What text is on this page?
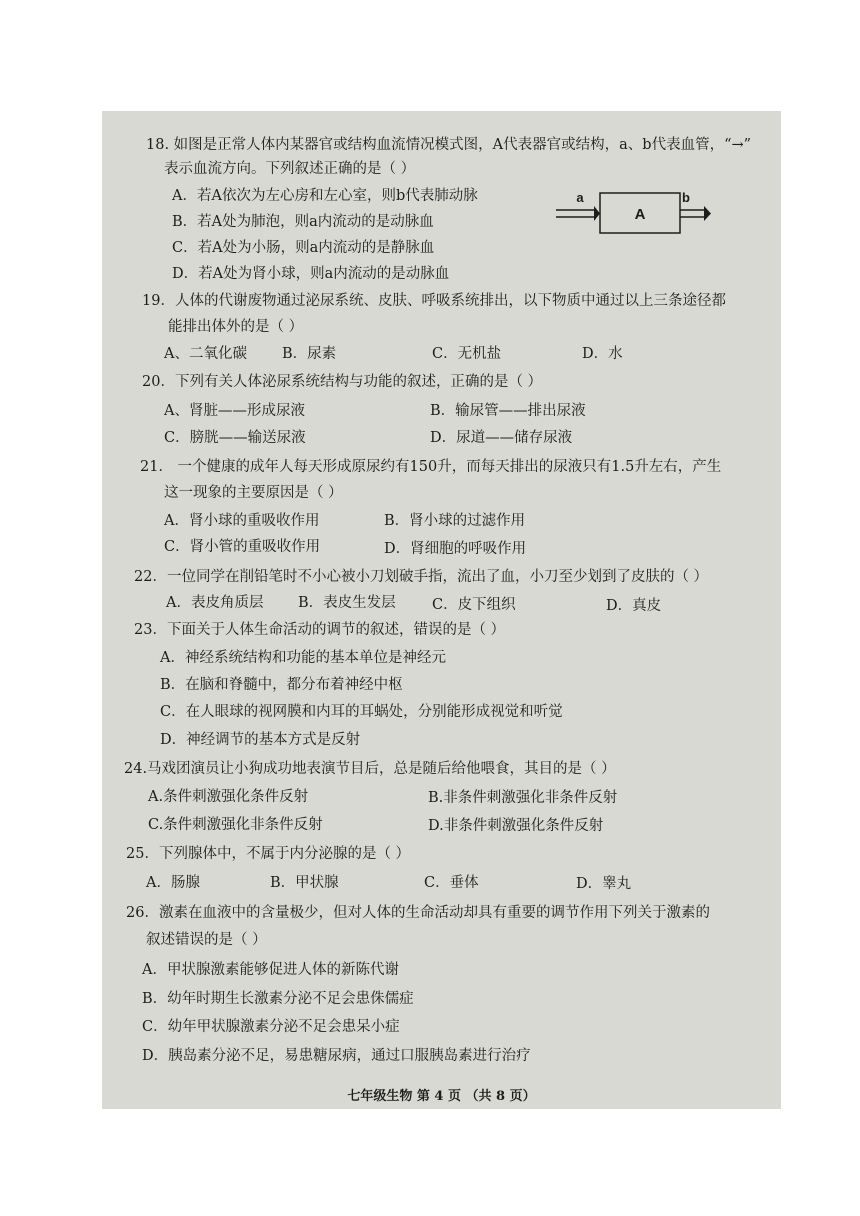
18. 如图是正常人体内某器官或结构血流情况模式图，A代表器官或结构，a、b代表血管，“→”
表示血流方向。下列叙述正确的是（ ）
A．若A依次为左心房和左心室，则b代表肺动脉
B．若A处为肺泡，则a内流动的是动脉血
C．若A处为小肠，则a内流动的是静脉血
D．若A处为肾小球，则a内流动的是动脉血
A
a	b
19．人体的代谢废物通过泌尿系统、皮肤、呼吸系统排出，以下物质中通过以上三条途径都
能排出体外的是（ ）
A、二氧化碳 B．尿素	C．无机盐	D．水
20．下列有关人体泌尿系统结构与功能的叙述，正确的是（ ）
A、肾脏——形成尿液	B．输尿管——排出尿液
C．膀胱——输送尿液	D．尿道——储存尿液
21． 一个健康的成年人每天形成原尿约有150升，而每天排出的尿液只有1.5升左右，产生
这一现象的主要原因是（ ）
A．肾小球的重吸收作用	B．肾小球的过滤作用
C．肾小管的重吸收作用	D．肾细胞的呼吸作用
22．一位同学在削铅笔时不小心被小刀划破手指，流出了血，小刀至少划到了皮肤的（ ）
A．表皮角质层 B．表皮生发层	C．皮下组织	D．真皮
23．下面关于人体生命活动的调节的叙述，错误的是（ ）
A．神经系统结构和功能的基本单位是神经元
B．在脑和脊髓中，都分布着神经中枢
C．在人眼球的视网膜和内耳的耳蜗处，分别能形成视觉和听觉
D．神经调节的基本方式是反射
24.马戏团演员让小狗成功地表演节目后，总是随后给他喂食，其目的是（ ）
A.条件刺激强化条件反射	B.非条件刺激强化非条件反射
C.条件刺激强化非条件反射	D.非条件刺激强化条件反射
25．下列腺体中，不属于内分泌腺的是（ ）
A．肠腺	B．甲状腺	C．垂体	D．睾丸
26．激素在血液中的含量极少，但对人体的生命活动却具有重要的调节作用下列关于激素的
叙述错误的是（ ）
A．甲状腺激素能够促进人体的新陈代谢
B．幼年时期生长激素分泌不足会患侏儒症
C．幼年甲状腺激素分泌不足会患呆小症
D．胰岛素分泌不足，易患糖尿病，通过口服胰岛素进行治疗
七年级生物 第 4 页 （共 8 页）
